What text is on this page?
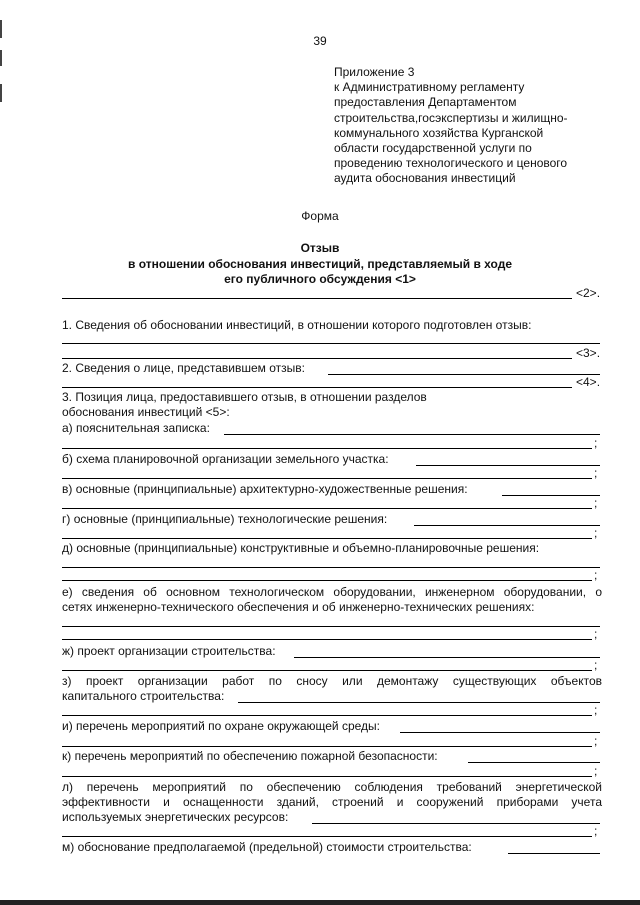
39
Приложение 3
к Административному регламенту
предоставления Департаментом
строительства,госэкспертизы и жилищно-
коммунального хозяйства Курганской
области государственной услуги по
проведению технологического и ценового
аудита обоснования инвестиций
Форма
Отзыв
в отношении обоснования инвестиций, представляемый в ходе
его публичного обсуждения <1>
<2>.
1. Сведения об обосновании инвестиций, в отношении которого подготовлен отзыв:
<3>.
2. Сведения о лице, представившем отзыв:
<4>.
3. Позиция лица, предоставившего отзыв, в отношении разделов
обоснования инвестиций <5>:
а) пояснительная записка:
;
б) схема планировочной организации земельного участка:
;
в) основные (принципиальные) архитектурно-художественные решения:
;
г) основные (принципиальные) технологические решения:
;
д) основные (принципиальные) конструктивные и объемно-планировочные решения:
;
е) сведения об основном технологическом оборудовании, инженерном оборудовании, о
сетях инженерно-технического обеспечения и об инженерно-технических решениях:
;
ж) проект организации строительства:
;
з) проект организации работ по сносу или демонтажу существующих объектов
капитального строительства:
;
и) перечень мероприятий по охране окружающей среды:
;
к) перечень мероприятий по обеспечению пожарной безопасности:
;
л) перечень мероприятий по обеспечению соблюдения требований энергетической
эффективности и оснащенности зданий, строений и сооружений приборами учета
используемых энергетических ресурсов:
;
м) обоснование предполагаемой (предельной) стоимости строительства:
